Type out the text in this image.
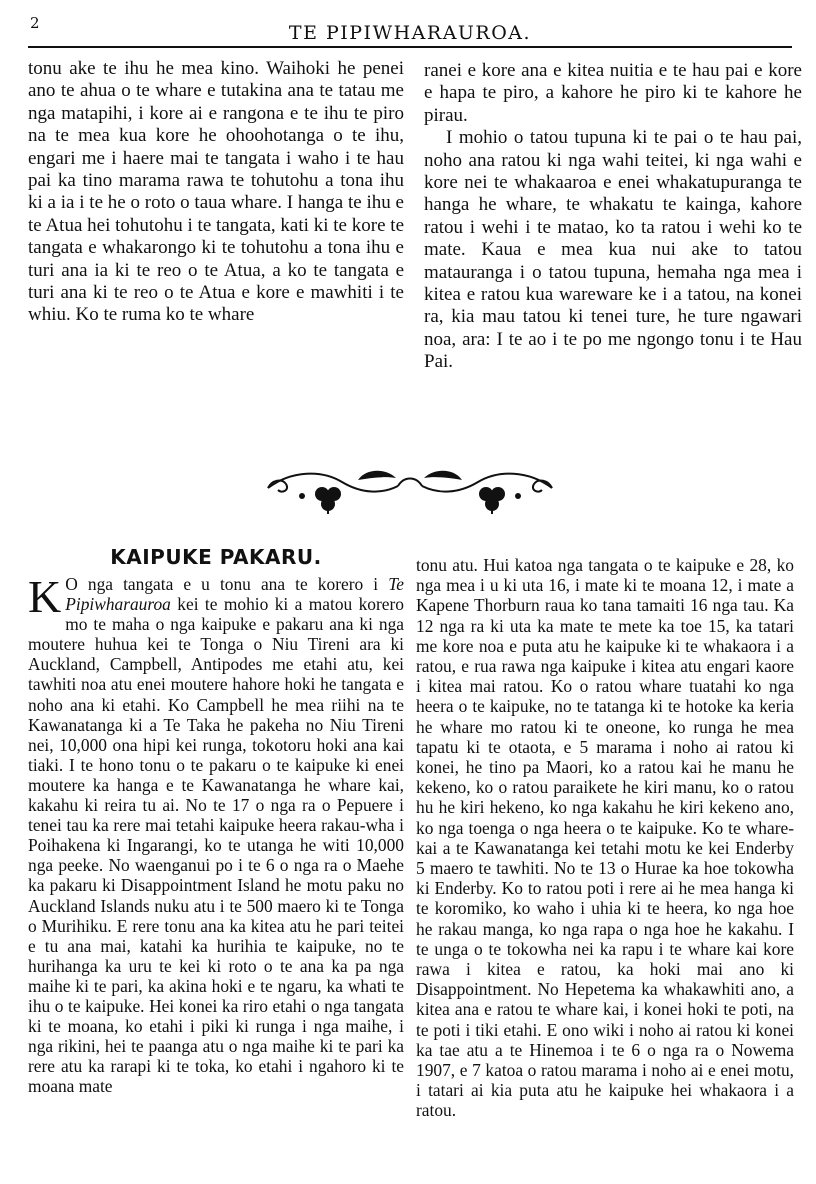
2	TE PIPIWHARAUROA.

tonu ake te ihu he mea kino. Waihoki he penei ano te ahua o te whare e tutakina ana te tatau me nga matapihi, i kore ai e rangona e te ihu te piro na te mea kua kore he ohoohotanga o te ihu, engari me i haere mai te tangata i waho i te hau pai ka tino marama rawa te tohutohu a tona ihu ki a ia i te he o roto o taua whare. I hanga te ihu e te Atua hei tohutohu i te tangata, kati ki te kore te tangata e whakarongo ki te tohutohu a tona ihu e turi ana ia ki te reo o te Atua, a ko te tangata e turi ana ki te reo o te Atua e kore e mawhiti i te whiu. Ko te ruma ko te whare

ranei e kore ana e kitea nuitia e te hau pai e kore e hapa te piro, a kahore he piro ki te kahore he pirau.

I mohio o tatou tupuna ki te pai o te hau pai, noho ana ratou ki nga wahi teitei, ki nga wahi e kore nei te whakaaroa e enei whakatupuranga te hanga he whare, te whakatu te kainga, kahore ratou i wehi i te matao, ko ta ratou i wehi ko te mate. Kaua e mea kua nui ake to tatou matauranga i o tatou tupuna, hemaha nga mea i kitea e ratou kua wareware ke i a tatou, na konei ra, kia mau tatou ki tenei ture, he ture ngawari noa, ara: I te ao i te po me ngongo tonu i te Hau Pai.

KAIPUKE PAKARU.

K O nga tangata e u tonu ana te korero i Te Pipiwharauroa kei te mohio ki a matou korero mo te maha o nga kaipuke e pakaru ana ki nga moutere huhua kei te Tonga o Niu Tireni ara ki Auckland, Campbell, Antipodes me etahi atu, kei tawhiti noa atu enei moutere hahore hoki he tangata e noho ana ki etahi. Ko Campbell he mea riihi na te Kawanatanga ki a Te Taka he pakeha no Niu Tireni nei, 10,000 ona hipi kei runga, tokotoru hoki ana kai tiaki. I te hono tonu o te pakaru o te kaipuke ki enei moutere ka hanga e te Kawanatanga he whare kai, kakahu ki reira tu ai. No te 17 o nga ra o Pepuere i tenei tau ka rere mai tetahi kaipuke heera rakau-wha i Poihakena ki Ingarangi, ko te utanga he witi 10,000 nga peeke. No waenganui po i te 6 o nga ra o Maehe ka pakaru ki Disappointment Island he motu paku no Auckland Islands nuku atu i te 500 maero ki te Tonga o Murihiku. E rere tonu ana ka kitea atu he pari teitei e tu ana mai, katahi ka hurihia te kaipuke, no te hurihanga ka uru te kei ki roto o te ana ka pa nga maihe ki te pari, ka akina hoki e te ngaru, ka whati te ihu o te kaipuke. Hei konei ka riro etahi o nga tangata ki te moana, ko etahi i piki ki runga i nga maihe, i nga rikini, hei te paanga atu o nga maihe ki te pari ka rere atu ka rarapi ki te toka, ko etahi i ngahoro ki te moana mate

tonu atu. Hui katoa nga tangata o te kaipuke e 28, ko nga mea i u ki uta 16, i mate ki te moana 12, i mate a Kapene Thorburn raua ko tana tamaiti 16 nga tau. Ka 12 nga ra ki uta ka mate te mete ka toe 15, ka tatari me kore noa e puta atu he kaipuke ki te whakaora i a ratou, e rua rawa nga kaipuke i kitea atu engari kaore i kitea mai ratou. Ko o ratou whare tuatahi ko nga heera o te kaipuke, no te tatanga ki te hotoke ka keria he whare mo ratou ki te oneone, ko runga he mea tapatu ki te otaota, e 5 marama i noho ai ratou ki konei, he tino pa Maori, ko a ratou kai he manu he kekeno, ko o ratou paraikete he kiri manu, ko o ratou hu he kiri hekeno, ko nga kakahu he kiri kekeno ano, ko nga toenga o nga heera o te kaipuke. Ko te whare-kai a te Kawanatanga kei tetahi motu ke kei Enderby 5 maero te tawhiti. No te 13 o Hurae ka hoe tokowha ki Enderby. Ko to ratou poti i rere ai he mea hanga ki te koromiko, ko waho i uhia ki te heera, ko nga hoe he rakau manga, ko nga rapa o nga hoe he kakahu. I te unga o te tokowha nei ka rapu i te whare kai kore rawa i kitea e ratou, ka hoki mai ano ki Disappointment. No Hepetema ka whakawhiti ano, a kitea ana e ratou te whare kai, i konei hoki te poti, na te poti i tiki etahi. E ono wiki i noho ai ratou ki konei ka tae atu a te Hinemoa i te 6 o nga ra o Nowema 1907, e 7 katoa o ratou marama i noho ai e enei motu, i tatari ai kia puta atu he kaipuke hei whakaora i a ratou.
